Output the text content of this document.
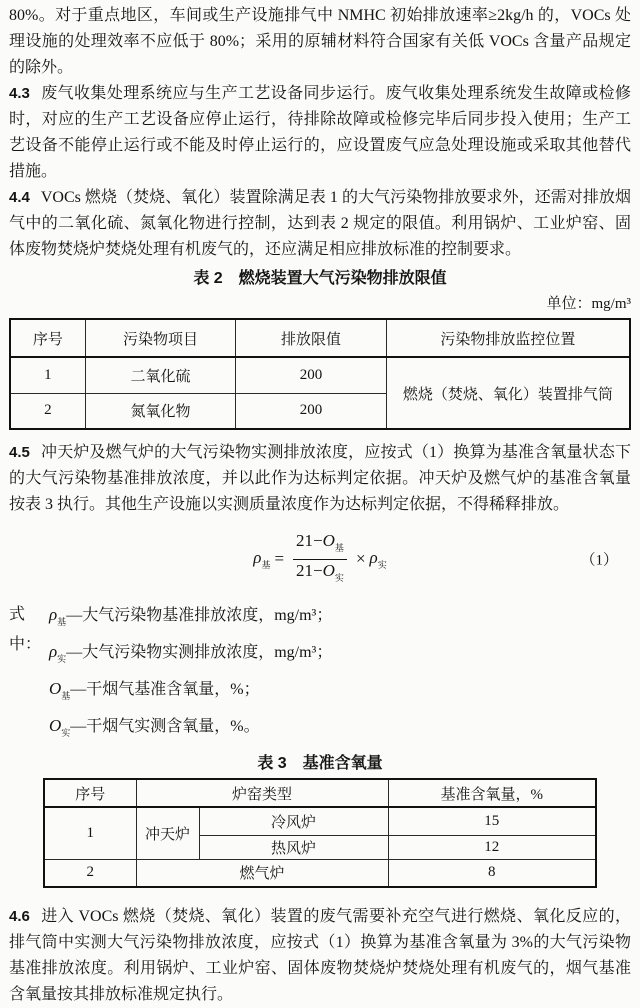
80%。对于重点地区，车间或生产设施排气中 NMHC 初始排放速率≥2kg/h 的，VOCs 处理设施的处理效率不应低于 80%；采用的原辅材料符合国家有关低 VOCs 含量产品规定的除外。

4.3 废气收集处理系统应与生产工艺设备同步运行。废气收集处理系统发生故障或检修时，对应的生产工艺设备应停止运行，待排除故障或检修完毕后同步投入使用；生产工艺设备不能停止运行或不能及时停止运行的，应设置废气应急处理设施或采取其他替代措施。

4.4 VOCs 燃烧（焚烧、氧化）装置除满足表 1 的大气污染物排放要求外，还需对排放烟气中的二氧化硫、氮氧化物进行控制，达到表 2 规定的限值。利用锅炉、工业炉窑、固体废物焚烧炉焚烧处理有机废气的，还应满足相应排放标准的控制要求。

表 2　燃烧装置大气污染物排放限值
单位：mg/m³
序号	污染物项目	排放限值	污染物排放监控位置
1	二氧化硫	200	燃烧（焚烧、氧化）装置排气筒
2	氮氧化物	200	

4.5 冲天炉及燃气炉的大气污染物实测排放浓度，应按式（1）换算为基准含氧量状态下的大气污染物基准排放浓度，并以此作为达标判定依据。冲天炉及燃气炉的基准含氧量按表 3 执行。其他生产设施以实测质量浓度作为达标判定依据，不得稀释排放。

$\rho_基 = \frac{21-O_基}{21-O_实} \times \rho_实$	（1）
式中：
$\rho_基—$大气污染物基准排放浓度，mg/m³；
$\rho_实—$大气污染物实测排放浓度，mg/m³；
$O_基—$干烟气基准含氧量，%；
$O_实—$干烟气实测含氧量，%。
表 3　基准含氧量
序号	炉窑类型		基准含氧量，%
1	冲天炉	冷风炉	15
		热风炉	12
2	燃气炉		8

4.6 进入 VOCs 燃烧（焚烧、氧化）装置的废气需要补充空气进行燃烧、氧化反应的，排气筒中实测大气污染物排放浓度，应按式（1）换算为基准含氧量为 3%的大气污染物基准排放浓度。利用锅炉、工业炉窑、固体废物焚烧炉焚烧处理有机废气的，烟气基准含氧量按其排放标准规定执行。
